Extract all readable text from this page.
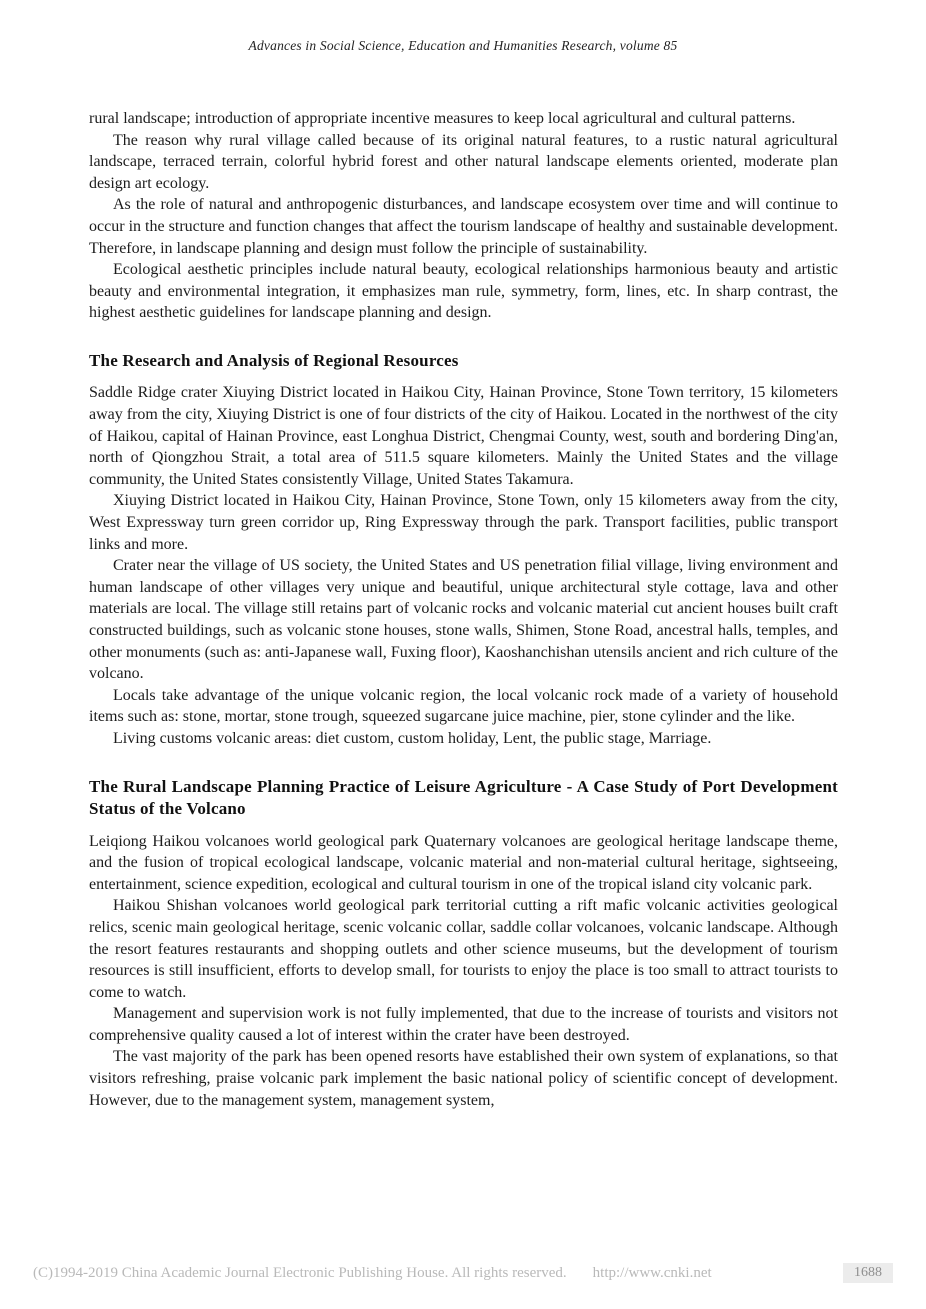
Advances in Social Science, Education and Humanities Research, volume 85

rural landscape; introduction of appropriate incentive measures to keep local agricultural and cultural patterns.

The reason why rural village called because of its original natural features, to a rustic natural agricultural landscape, terraced terrain, colorful hybrid forest and other natural landscape elements oriented, moderate plan design art ecology.

As the role of natural and anthropogenic disturbances, and landscape ecosystem over time and will continue to occur in the structure and function changes that affect the tourism landscape of healthy and sustainable development. Therefore, in landscape planning and design must follow the principle of sustainability.

Ecological aesthetic principles include natural beauty, ecological relationships harmonious beauty and artistic beauty and environmental integration, it emphasizes man rule, symmetry, form, lines, etc. In sharp contrast, the highest aesthetic guidelines for landscape planning and design.

The Research and Analysis of Regional Resources

Saddle Ridge crater Xiuying District located in Haikou City, Hainan Province, Stone Town territory, 15 kilometers away from the city, Xiuying District is one of four districts of the city of Haikou. Located in the northwest of the city of Haikou, capital of Hainan Province, east Longhua District, Chengmai County, west, south and bordering Ding'an, north of Qiongzhou Strait, a total area of 511.5 square kilometers. Mainly the United States and the village community, the United States consistently Village, United States Takamura.

Xiuying District located in Haikou City, Hainan Province, Stone Town, only 15 kilometers away from the city, West Expressway turn green corridor up, Ring Expressway through the park. Transport facilities, public transport links and more.

Crater near the village of US society, the United States and US penetration filial village, living environment and human landscape of other villages very unique and beautiful, unique architectural style cottage, lava and other materials are local. The village still retains part of volcanic rocks and volcanic material cut ancient houses built craft constructed buildings, such as volcanic stone houses, stone walls, Shimen, Stone Road, ancestral halls, temples, and other monuments (such as: anti-Japanese wall, Fuxing floor), Kaoshanchishan utensils ancient and rich culture of the volcano.

Locals take advantage of the unique volcanic region, the local volcanic rock made of a variety of household items such as: stone, mortar, stone trough, squeezed sugarcane juice machine, pier, stone cylinder and the like.

Living customs volcanic areas: diet custom, custom holiday, Lent, the public stage, Marriage.

The Rural Landscape Planning Practice of Leisure Agriculture - A Case Study of Port Development Status of the Volcano

Leiqiong Haikou volcanoes world geological park Quaternary volcanoes are geological heritage landscape theme, and the fusion of tropical ecological landscape, volcanic material and non-material cultural heritage, sightseeing, entertainment, science expedition, ecological and cultural tourism in one of the tropical island city volcanic park.

Haikou Shishan volcanoes world geological park territorial cutting a rift mafic volcanic activities geological relics, scenic main geological heritage, scenic volcanic collar, saddle collar volcanoes, volcanic landscape. Although the resort features restaurants and shopping outlets and other science museums, but the development of tourism resources is still insufficient, efforts to develop small, for tourists to enjoy the place is too small to attract tourists to come to watch.

Management and supervision work is not fully implemented, that due to the increase of tourists and visitors not comprehensive quality caused a lot of interest within the crater have been destroyed.

The vast majority of the park has been opened resorts have established their own system of explanations, so that visitors refreshing, praise volcanic park implement the basic national policy of scientific concept of development. However, due to the management system, management system,

(C)1994-2019 China Academic Journal Electronic Publishing House. All rights reserved. http://www.cnki.net	1688
